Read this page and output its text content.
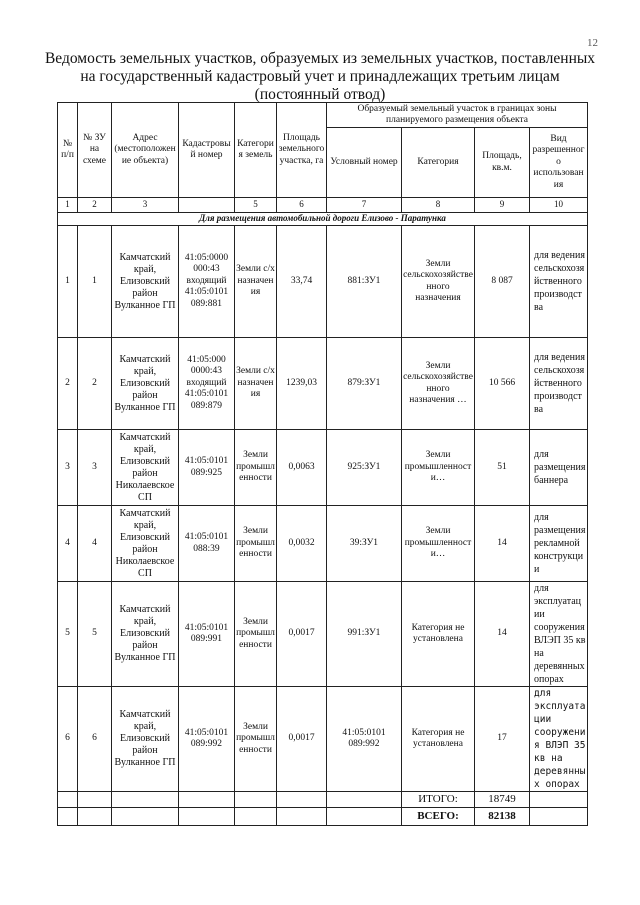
12
Ведомость земельных участков, образуемых из земельных участков, поставленных
на государственный кадастровый учет и принадлежащих третьим лицам
(постоянный отвод)
№ п/п	№ ЗУ на схеме	Адрес (местоположение объекта)	Кадастровый номер	Категория земель	Площадь земельного участка, га	Образуемый земельный участок в границах зоны планируемого размещения объекта			
						Условный номер	Категория	Площадь, кв.м.	Вид разрешенного использования
1	2	3		5	6	7	8	9	10
Для размещения автомобильной дороги Елизово - Паратунка									
1	1	Камчатский край, Елизовский район Вулканное ГП	41:05:0000 000:43 входящий 41:05:0101 089:881	Земли с/х назначения	33,74	881:ЗУ1	Земли сельскохозяйственного назначения	8 087	для ведения сельскохозяйственного производства
2	2	Камчатский край, Елизовский район Вулканное ГП	41:05:000 0000:43 входящий 41:05:0101 089:879	Земли с/х назначения	1239,03	879:ЗУ1	Земли сельскохозяйственного назначения …	10 566	для ведения сельскохозяйственного производства
3	3	Камчатский край, Елизовский район Николаевское СП	41:05:0101 089:925	Земли промышленности	0,0063	925:ЗУ1	Земли промышленности…	51	для размещения баннера
4	4	Камчатский край, Елизовский район Николаевское СП	41:05:0101 088:39	Земли промышленности	0,0032	39:ЗУ1	Земли промышленности…	14	для размещения рекламной конструкции
5	5	Камчатский край, Елизовский район Вулканное ГП	41:05:0101 089:991	Земли промышленности	0,0017	991:ЗУ1	Категория не установлена	14	для эксплуатации сооружения ВЛЭП 35 кв на деревянных опорах
6	6	Камчатский край, Елизовский район Вулканное ГП	41:05:0101 089:992	Земли промышленности	0,0017	41:05:0101 089:992	Категория не установлена	17	для эксплуатации сооружения ВЛЭП 35 кв на деревянных опорах
							ИТОГО:	18749	
							ВСЕГО:	82138	
